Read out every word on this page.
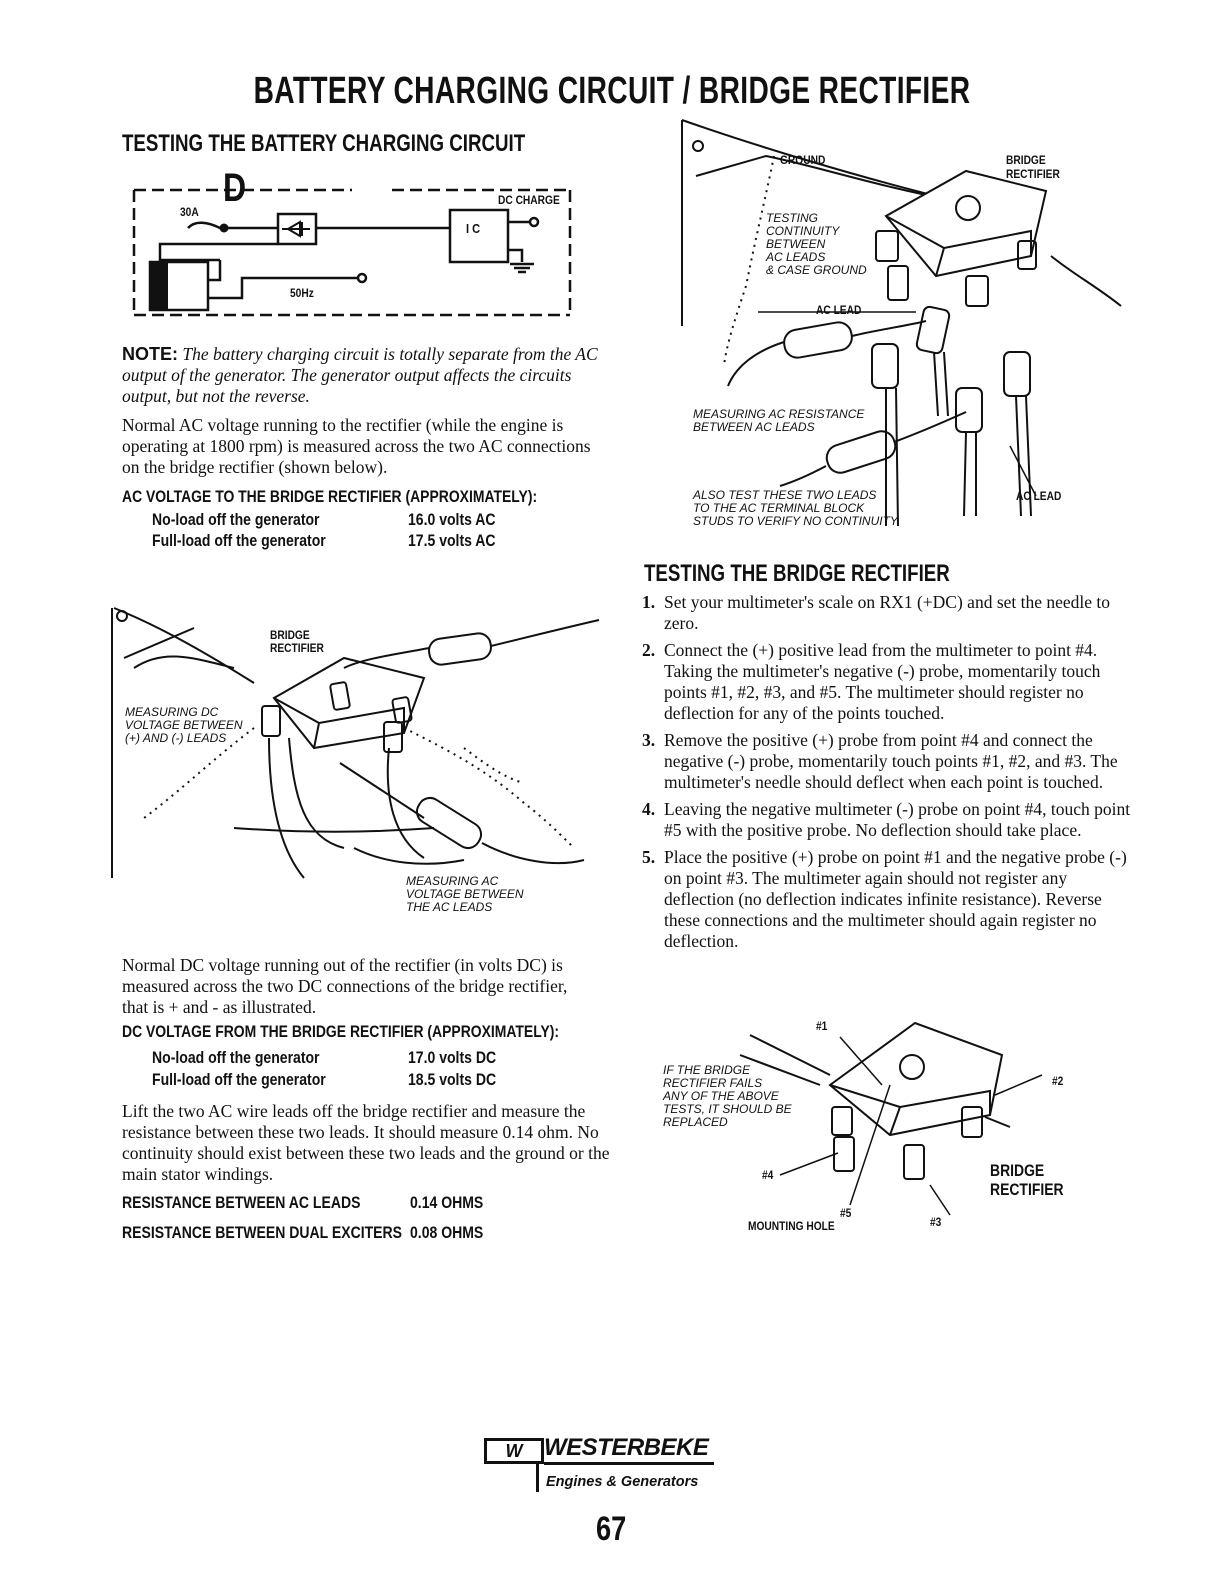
BATTERY CHARGING CIRCUIT / BRIDGE RECTIFIER
TESTING THE BATTERY CHARGING CIRCUIT
D	DC CHARGE
30A
I C
50Hz
NOTE: The battery charging circuit is totally separate from the AC output of the generator. The generator output affects the circuits output, but not the reverse.
Normal AC voltage running to the rectifier (while the engine is operating at 1800 rpm) is measured across the two AC connections on the bridge rectifier (shown below).
AC VOLTAGE TO THE BRIDGE RECTIFIER (APPROXIMATELY):
No-load off the generator	16.0 volts AC
Full-load off the generator	17.5 volts AC
BRIDGE
RECTIFIER
MEASURING DC
VOLTAGE BETWEEN
(+) AND (-) LEADS
MEASURING AC
VOLTAGE BETWEEN
THE AC LEADS
Normal DC voltage running out of the rectifier (in volts DC) is measured across the two DC connections of the bridge rectifier, that is + and - as illustrated.
DC VOLTAGE FROM THE BRIDGE RECTIFIER (APPROXIMATELY):
No-load off the generator	17.0 volts DC
Full-load off the generator	18.5 volts DC
Lift the two AC wire leads off the bridge rectifier and measure the resistance between these two leads. It should measure 0.14 ohm. No continuity should exist between these two leads and the ground or the main stator windings.
RESISTANCE BETWEEN AC LEADS	0.14 OHMS
RESISTANCE BETWEEN DUAL EXCITERS 0.08 OHMS
GROUND	BRIDGE
RECTIFIER
TESTING
CONTINUITY
BETWEEN
AC LEADS
& CASE GROUND
AC LEAD
MEASURING AC RESISTANCE
BETWEEN AC LEADS
ALSO TEST THESE TWO LEADS
TO THE AC TERMINAL BLOCK
STUDS TO VERIFY NO CONTINUITY
AC LEAD
TESTING THE BRIDGE RECTIFIER
1. Set your multimeter's scale on RX1 (+DC) and set the needle to zero.
2. Connect the (+) positive lead from the multimeter to point #4. Taking the multimeter's negative (-) probe, momentarily touch points #1, #2, #3, and #5. The multimeter should register no deflection for any of the points touched.
3. Remove the positive (+) probe from point #4 and connect the negative (-) probe, momentarily touch points #1, #2, and #3. The multimeter's needle should deflect when each point is touched.
4. Leaving the negative multimeter (-) probe on point #4, touch point #5 with the positive probe. No deflection should take place.
5. Place the positive (+) probe on point #1 and the negative probe (-) on point #3. The multimeter again should not register any deflection (no deflection indicates infinite resistance). Reverse these connections and the multimeter should again register no deflection.
#1
#2
#3
#4
#5
MOUNTING HOLE
IF THE BRIDGE
RECTIFIER FAILS
ANY OF THE ABOVE
TESTS, IT SHOULD BE
REPLACED
BRIDGE
RECTIFIER
W WESTERBEKE
Engines & Generators
67
